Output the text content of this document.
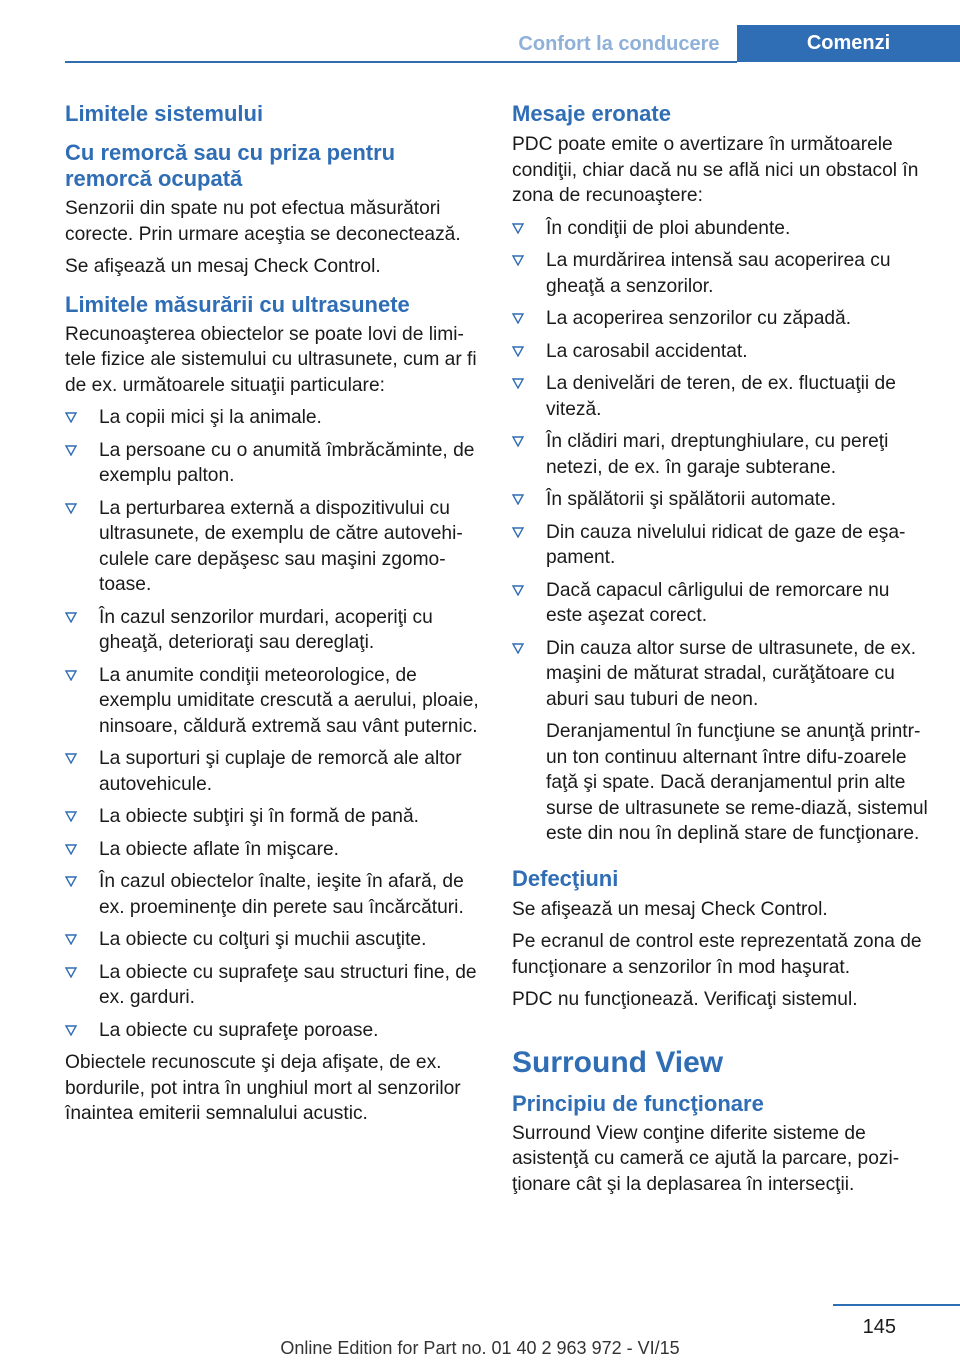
Confort la conducere	Comenzi
Limitele sistemului
Cu remorcă sau cu priza pentru remorcă ocupată

Senzorii din spate nu pot efectua măsurători corecte. Prin urmare aceştia se deconectează.

Se afişează un mesaj Check Control.

Limitele măsurării cu ultrasunete

Recunoaşterea obiectelor se poate lovi de limi‐tele fizice ale sistemului cu ultrasunete, cum ar fi de ex. următoarele situaţii particulare:

La copii mici şi la animale.
La persoane cu o anumită îmbrăcăminte, de exemplu palton.
La perturbarea externă a dispozitivului cu ultrasunete, de exemplu de către autovehi‐culele care depăşesc sau maşini zgomo‐toase.
În cazul senzorilor murdari, acoperiţi cu gheaţă, deterioraţi sau dereglaţi.
La anumite condiţii meteorologice, de exemplu umiditate crescută a aerului, ploaie, ninsoare, căldură extremă sau vânt puternic.
La suporturi şi cuplaje de remorcă ale altor autovehicule.
La obiecte subţiri şi în formă de pană.
La obiecte aflate în mişcare.
În cazul obiectelor înalte, ieşite în afară, de ex. proeminenţe din perete sau încărcături.
La obiecte cu colţuri şi muchii ascuţite.
La obiecte cu suprafeţe sau structuri fine, de ex. garduri.
La obiecte cu suprafeţe poroase.

Obiectele recunoscute şi deja afişate, de ex. bordurile, pot intra în unghiul mort al senzorilor înaintea emiterii semnalului acustic.

Mesaje eronate

PDC poate emite o avertizare în următoarele condiţii, chiar dacă nu se află nici un obstacol în zona de recunoaştere:

În condiţii de ploi abundente.
La murdărirea intensă sau acoperirea cu gheaţă a senzorilor.
La acoperirea senzorilor cu zăpadă.
La carosabil accidentat.
La denivelări de teren, de ex. fluctuaţii de viteză.
În clădiri mari, dreptunghiulare, cu pereţi netezi, de ex. în garaje subterane.
În spălătorii şi spălătorii automate.
Din cauza nivelului ridicat de gaze de eşa‐pament.
Dacă capacul cârligului de remorcare nu este aşezat corect.
Din cauza altor surse de ultrasunete, de ex. maşini de măturat stradal, curăţătoare cu aburi sau tuburi de neon.
Deranjamentul în funcţiune se anunţă printr-un ton continuu alternant între difu‐zoarele faţă şi spate. Dacă deranjamentul prin alte surse de ultrasunete se reme‐diază, sistemul este din nou în deplină stare de funcţionare.
Defecţiuni

Se afişează un mesaj Check Control.

Pe ecranul de control este reprezentată zona de funcţionare a senzorilor în mod haşurat.

PDC nu funcţionează. Verificaţi sistemul.

Surround View
Principiu de funcţionare

Surround View conţine diferite sisteme de asistenţă cu cameră ce ajută la parcare, pozi‐ţionare cât şi la deplasarea în intersecţii.

145
Online Edition for Part no. 01 40 2 963 972 - VI/15
